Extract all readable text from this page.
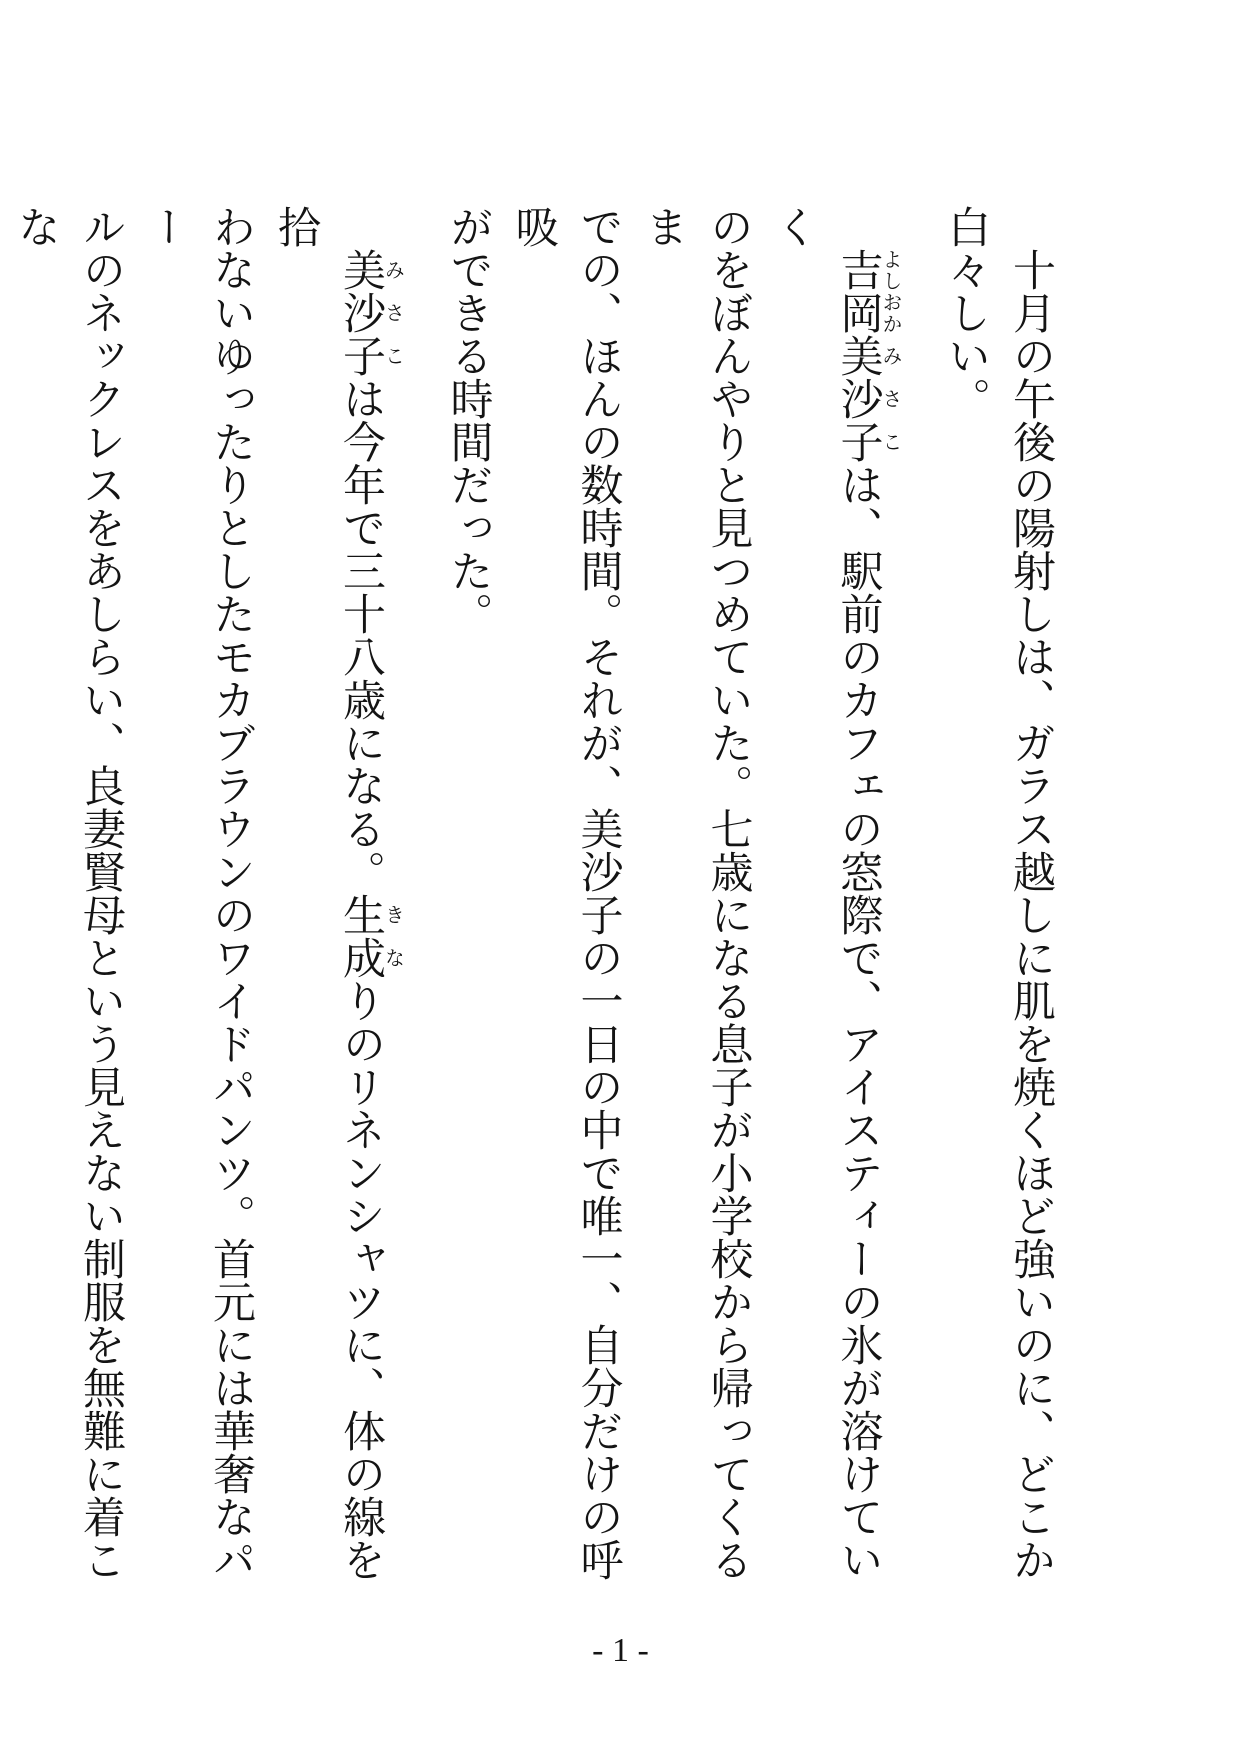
　十月の午後の陽射しは、ガラス越しに肌を焼くほど強いのに、どこか
白々しい。
　吉岡よしおか美沙子みさこは、駅前のカフェの窓際で、アイスティーの氷が溶けていく
のをぼんやりと見つめていた。七歳になる息子が小学校から帰ってくるま
での、ほんの数時間。それが、美沙子の一日の中で唯一、自分だけの呼吸
ができる時間だった。
　美沙子みさこは今年で三十八歳になる。生成きなりのリネンシャツに、体の線を拾
わないゆったりとしたモカブラウンのワイドパンツ。首元には華奢なパー
ルのネックレスをあしらい、良妻賢母という見えない制服を無難に着こな
- 1 -
